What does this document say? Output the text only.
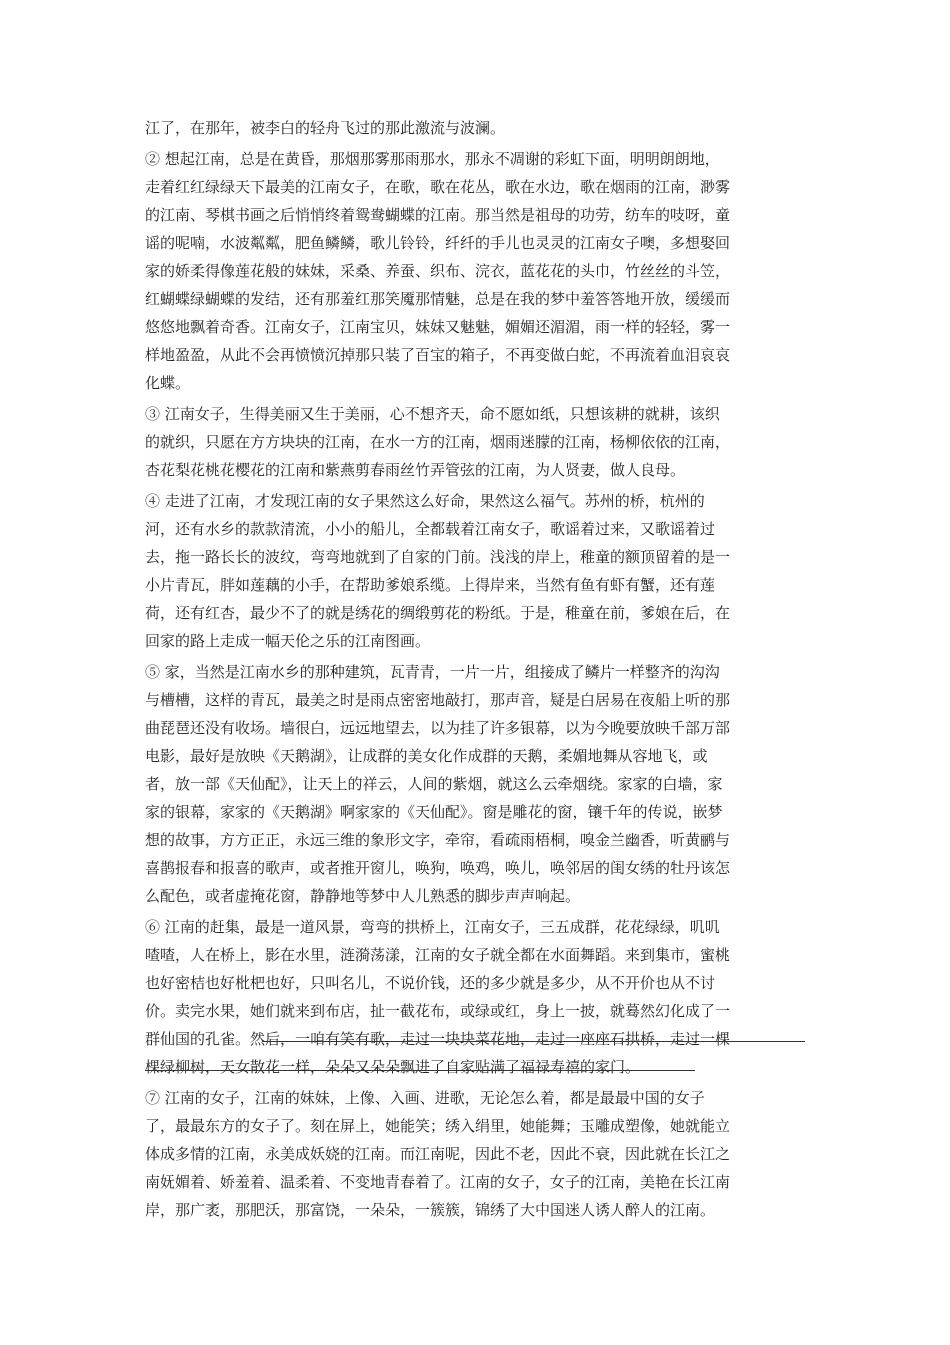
江了，在那年，被李白的轻舟飞过的那此激流与波澜。
② 想起江南，总是在黄昏，那烟那雾那雨那水，那永不凋谢的彩虹下面，明明朗朗地，
走着红红绿绿天下最美的江南女子，在歌，歌在花丛，歌在水边，歌在烟雨的江南，渺雾
的江南、琴棋书画之后悄悄终着鸳鸯蝴蝶的江南。那当然是祖母的功劳，纺车的吱呀，童
谣的呢喃，水波粼粼，肥鱼鳞鳞，歌儿铃铃，纤纤的手儿也灵灵的江南女子噢，多想娶回
家的娇柔得像莲花般的妹妹，采桑、养蚕、织布、浣衣，蓝花花的头巾，竹丝丝的斗笠，
红蝴蝶绿蝴蝶的发结，还有那羞红那笑魇那情魅，总是在我的梦中羞答答地开放，缓缓而
悠悠地飘着奇香。江南女子，江南宝贝，妹妹又魅魅，媚媚还湄湄，雨一样的轻轻，雾一
样地盈盈，从此不会再愤愤沉掉那只装了百宝的箱子，不再变做白蛇，不再流着血泪哀哀
化蝶。
③ 江南女子，生得美丽又生于美丽，心不想齐天，命不愿如纸，只想该耕的就耕，该织
的就织，只愿在方方块块的江南，在水一方的江南，烟雨迷朦的江南，杨柳依依的江南，
杏花梨花桃花樱花的江南和紫燕剪春雨丝竹弄管弦的江南，为人贤妻，做人良母。
④ 走进了江南，才发现江南的女子果然这么好命，果然这么福气。苏州的桥，杭州的
河，还有水乡的款款清流，小小的船儿，全都载着江南女子，歌谣着过来，又歌谣着过
去，拖一路长长的波纹，弯弯地就到了自家的门前。浅浅的岸上，稚童的额顶留着的是一
小片青瓦，胖如莲藕的小手，在帮助爹娘系缆。上得岸来，当然有鱼有虾有蟹，还有莲
荷，还有红杏，最少不了的就是绣花的绸缎剪花的粉纸。于是，稚童在前，爹娘在后，在
回家的路上走成一幅天伦之乐的江南图画。
⑤ 家，当然是江南水乡的那种建筑，瓦青青，一片一片，组接成了鳞片一样整齐的沟沟
与槽槽，这样的青瓦，最美之时是雨点密密地敲打，那声音，疑是白居易在夜船上听的那
曲琵琶还没有收场。墙很白，远远地望去，以为挂了许多银幕，以为今晚要放映千部万部
电影，最好是放映《天鹅湖》，让成群的美女化作成群的天鹅，柔媚地舞从容地飞，或
者，放一部《天仙配》，让天上的祥云，人间的紫烟，就这么云牵烟绕。家家的白墙，家
家的银幕，家家的《天鹅湖》啊家家的《天仙配》。窗是雕花的窗，镶千年的传说，嵌梦
想的故事，方方正正，永远三维的象形文字，牵帘，看疏雨梧桐，嗅金兰幽香，听黄鹂与
喜鹊报春和报喜的歌声，或者推开窗儿，唤狗，唤鸡，唤儿，唤邻居的闺女绣的牡丹该怎
么配色，或者虚掩花窗，静静地等梦中人儿熟悉的脚步声声响起。
⑥ 江南的赶集，最是一道风景，弯弯的拱桥上，江南女子，三五成群，花花绿绿，叽叽
喳喳，人在桥上，影在水里，涟漪荡漾，江南的女子就全都在水面舞蹈。来到集市，蜜桃
也好密桔也好枇杷也好，只叫名儿，不说价钱，还的多少就是多少，从不开价也从不讨
价。卖完水果，她们就来到布店，扯一截花布，或绿或红，身上一披，就蓦然幻化成了一
群仙国的孔雀。然后，一咱有笑有歌，走过一块块菜花地，走过一座座石拱桥，走过一棵
棵绿柳树，天女散花一样，朵朵又朵朵飘进了自家贴满了福禄寿禧的家门。
⑦ 江南的女子，江南的妹妹，上像、入画、进歌，无论怎么着，都是最最中国的女子
了，最最东方的女子了。刻在屏上，她能笑；绣入绢里，她能舞；玉雕成塑像，她就能立
体成多情的江南，永美成妖娆的江南。而江南呢，因此不老，因此不衰，因此就在长江之
南妩媚着、娇羞着、温柔着、不变地青春着了。江南的女子，女子的江南，美艳在长江南
岸，那广袤，那肥沃，那富饶，一朵朵，一簇簇，锦绣了大中国迷人诱人醉人的江南。
